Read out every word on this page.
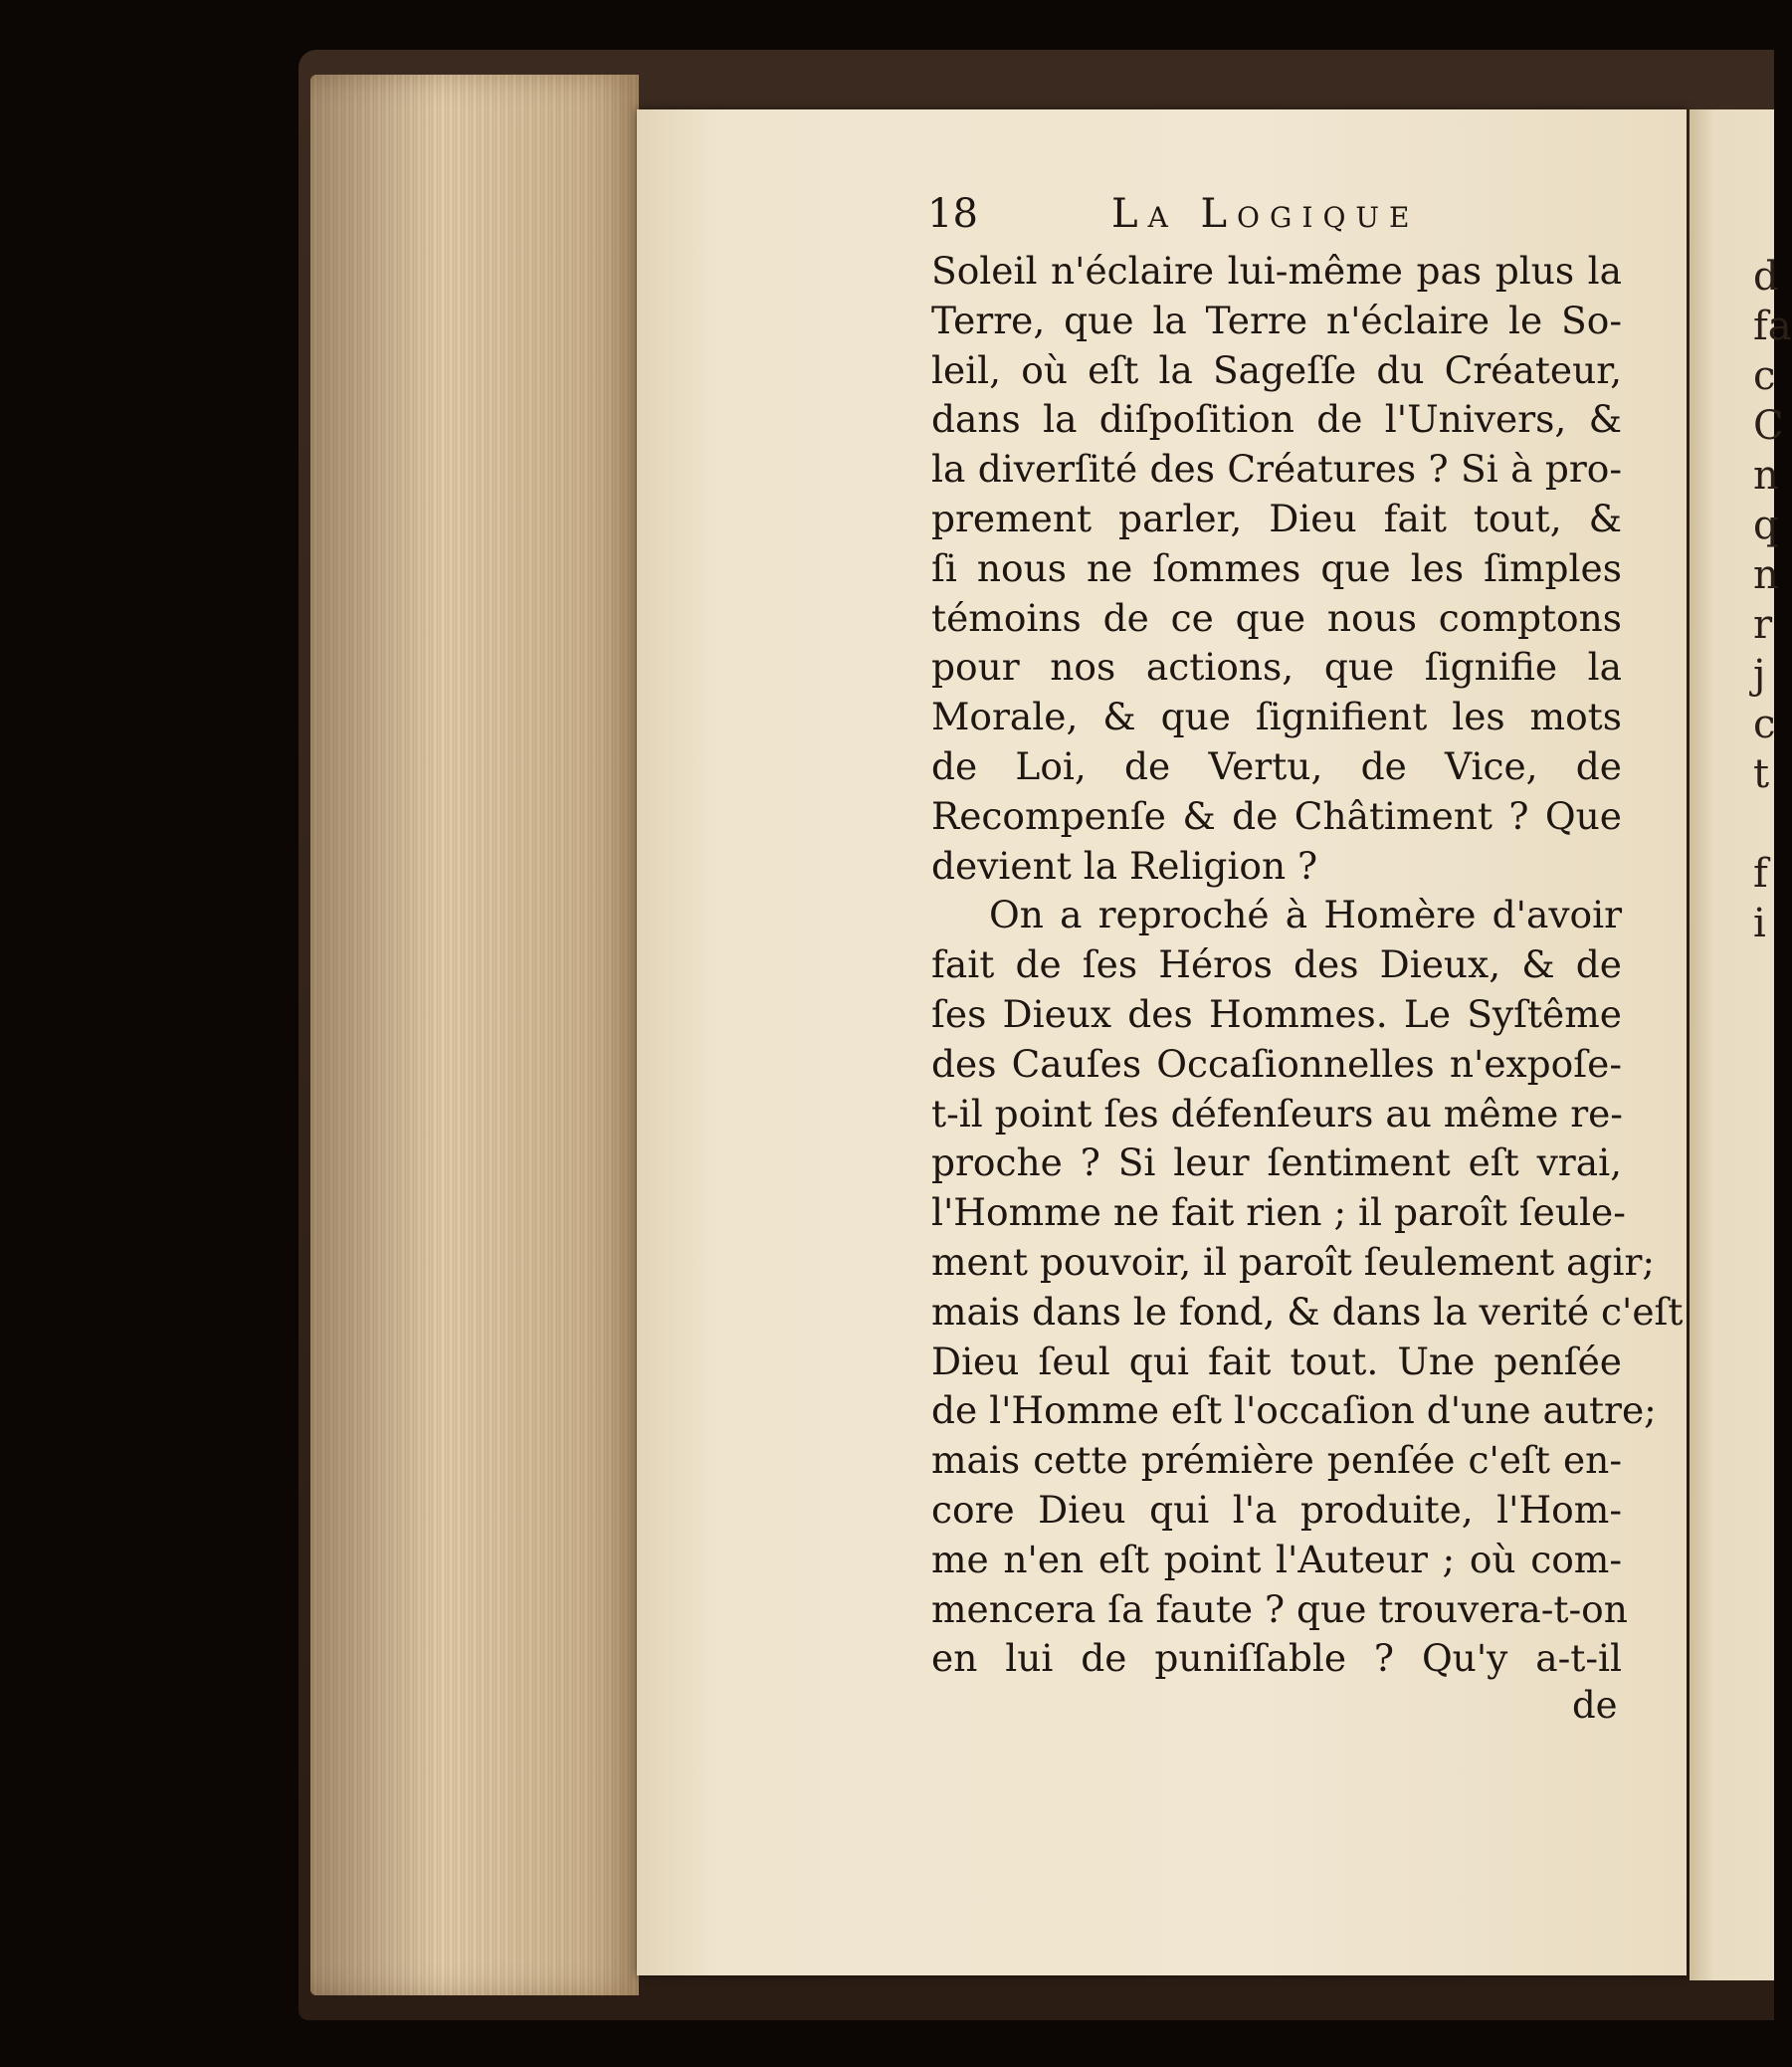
d
fa
c
C
n
q
n
r
j
c
t
f
i
18	La Logique
Soleil n'éclaire lui-même pas plus la
Terre, que la Terre n'éclaire le So-
leil, où eſt la Sageſſe du Créateur,
dans la diſpoſition de l'Univers, &
la diverſité des Créatures ? Si à pro-
prement parler, Dieu fait tout, &
ſi nous ne ſommes que les ſimples
témoins de ce que nous comptons
pour nos actions, que ſignifie la
Morale, & que ſignifient les mots
de Loi, de Vertu, de Vice, de
Recompenſe & de Châtiment ? Que
devient la Religion ?
On a reproché à Homère d'avoir
fait de ſes Héros des Dieux, & de
ſes Dieux des Hommes. Le Syſtême
des Cauſes Occaſionnelles n'expoſe-
t-il point ſes défenſeurs au même re-
proche ? Si leur ſentiment eſt vrai,
l'Homme ne fait rien ; il paroît ſeule-
ment pouvoir, il paroît ſeulement agir;
mais dans le fond, & dans la verité c'eſt
Dieu ſeul qui fait tout. Une penſée
de l'Homme eſt l'occaſion d'une autre;
mais cette prémière penſée c'eſt en-
core Dieu qui l'a produite, l'Hom-
me n'en eſt point l'Auteur ; où com-
mencera ſa faute ? que trouvera-t-on
en lui de puniſſable ? Qu'y a-t-il
de
